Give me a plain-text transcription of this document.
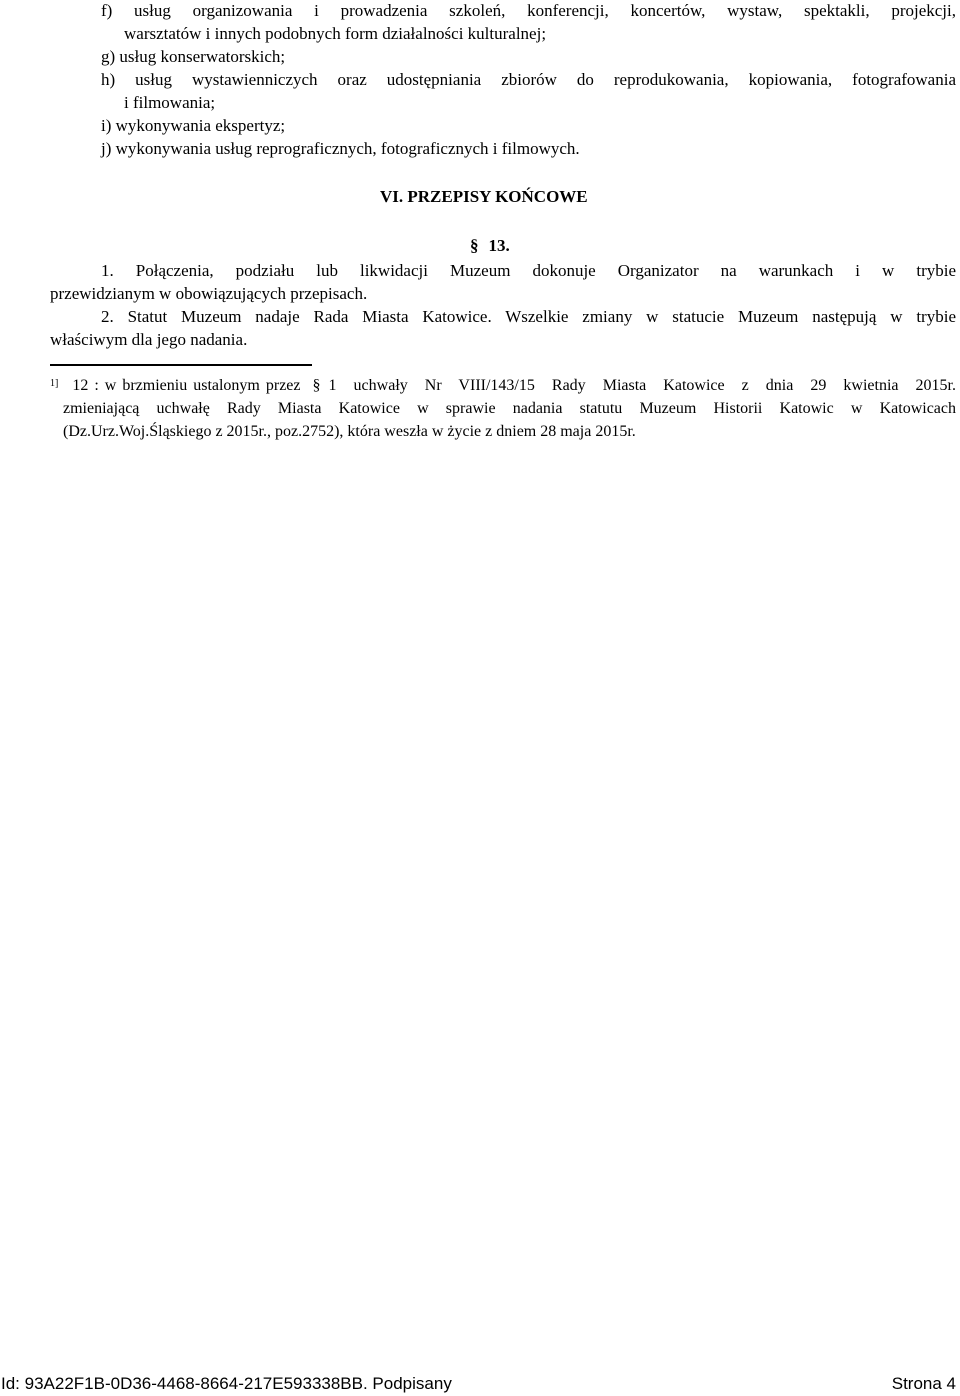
f) usług organizowania i prowadzenia szkoleń, konferencji, koncertów, wystaw, spektakli, projekcji,
warsztatów i innych podobnych form działalności kulturalnej;
g) usług konserwatorskich;
h) usług wystawienniczych oraz udostępniania zbiorów do reprodukowania, kopiowania, fotografowania
i filmowania;
i) wykonywania ekspertyz;
j) wykonywania usług reprograficznych, fotograficznych i filmowych.
VI. PRZEPISY KOŃCOWE
§ 13.
1. Połączenia, podziału lub likwidacji Muzeum dokonuje Organizator na warunkach i w trybie
przewidzianym w obowiązujących przepisach.
2. Statut Muzeum nadaje Rada Miasta Katowice. Wszelkie zmiany w statucie Muzeum następują w trybie
właściwym dla jego nadania.
1] 12 : w brzmieniu ustalonym przez § 1 uchwały Nr VIII/143/15 Rady Miasta Katowice z dnia 29 kwietnia 2015r.
zmieniającą uchwałę Rady Miasta Katowice w sprawie nadania statutu Muzeum Historii Katowic w Katowicach
(Dz.Urz.Woj.Śląskiego z 2015r., poz.2752), która weszła w życie z dniem 28 maja 2015r.
Id: 93A22F1B-0D36-4468-8664-217E593338BB. Podpisany	Strona 4
